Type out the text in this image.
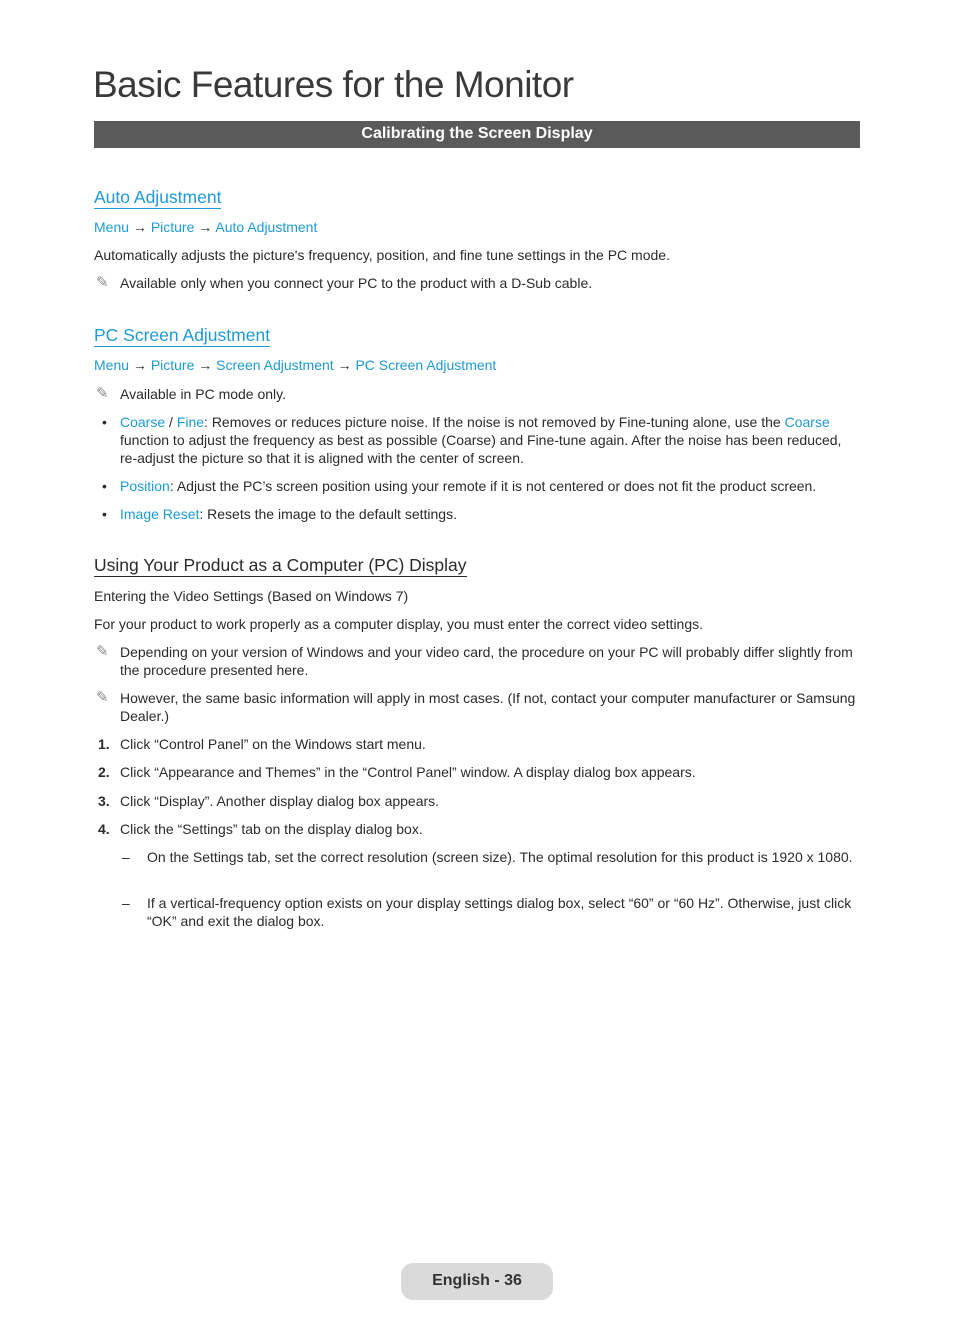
Basic Features for the Monitor
Calibrating the Screen Display
Auto Adjustment
Menu → Picture → Auto Adjustment
Automatically adjusts the picture's frequency, position, and fine tune settings in the PC mode.
✎ Available only when you connect your PC to the product with a D-Sub cable.
PC Screen Adjustment
Menu → Picture → Screen Adjustment → PC Screen Adjustment
✎ Available in PC mode only.
• Coarse / Fine: Removes or reduces picture noise. If the noise is not removed by Fine-tuning alone, use the Coarse function to adjust the frequency as best as possible (Coarse) and Fine-tune again. After the noise has been reduced, re-adjust the picture so that it is aligned with the center of screen.
• Position: Adjust the PC’s screen position using your remote if it is not centered or does not fit the product screen.
• Image Reset: Resets the image to the default settings.
Using Your Product as a Computer (PC) Display
Entering the Video Settings (Based on Windows 7)
For your product to work properly as a computer display, you must enter the correct video settings.
✎ Depending on your version of Windows and your video card, the procedure on your PC will probably differ slightly from the procedure presented here.
✎ However, the same basic information will apply in most cases. (If not, contact your computer manufacturer or Samsung Dealer.)
1. Click “Control Panel” on the Windows start menu.
2. Click “Appearance and Themes” in the “Control Panel” window. A display dialog box appears.
3. Click “Display”. Another display dialog box appears.
4. Click the “Settings” tab on the display dialog box.
– On the Settings tab, set the correct resolution (screen size). The optimal resolution for this product is 1920 x 1080.
– If a vertical-frequency option exists on your display settings dialog box, select “60” or “60 Hz”. Otherwise, just click “OK” and exit the dialog box.
English - 36
